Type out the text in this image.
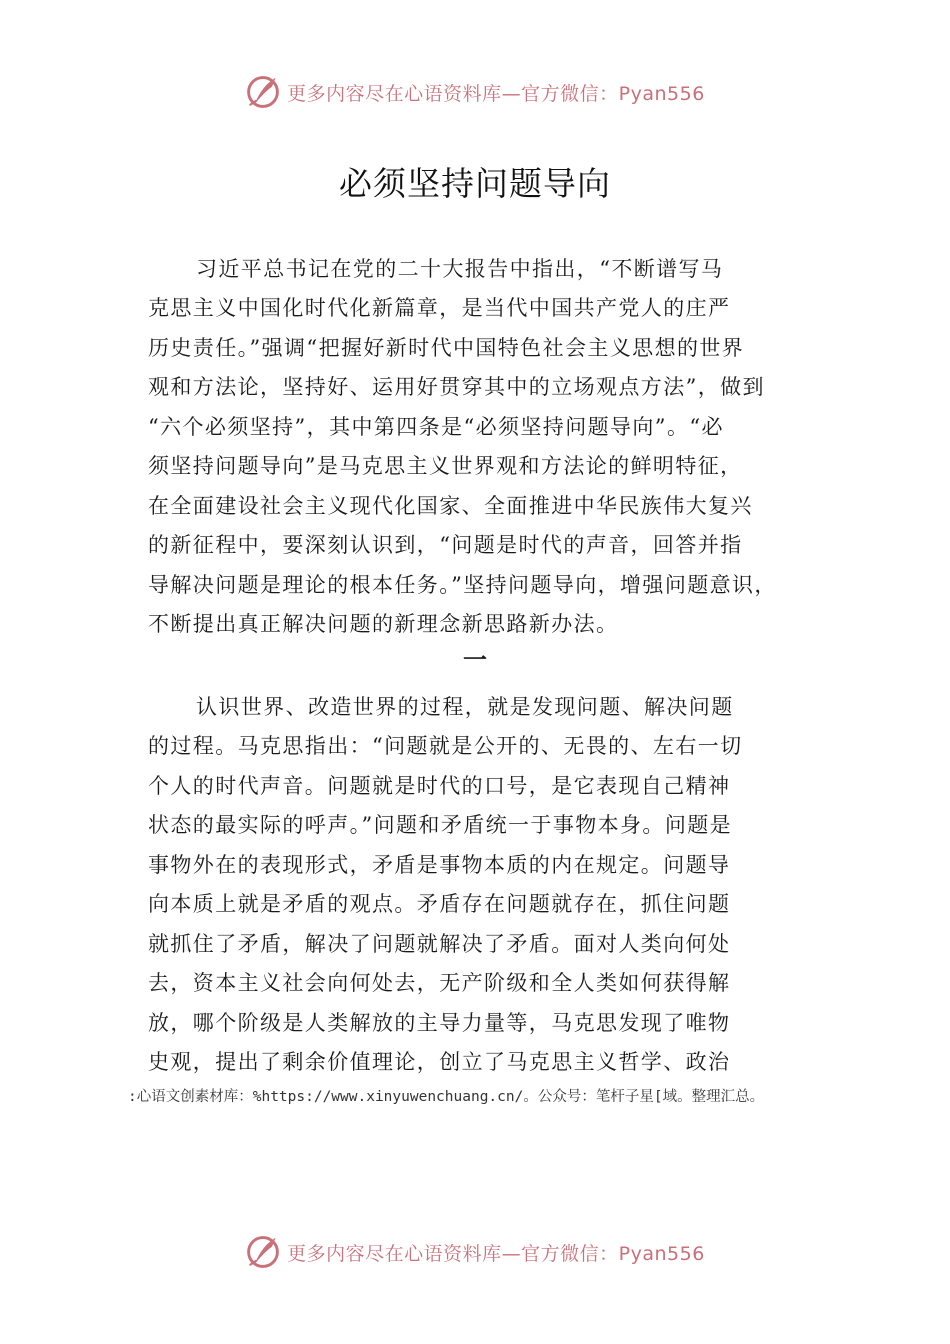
更多内容尽在心语资料库—官方微信：Pyan556
必须坚持问题导向
习近平总书记在党的二十大报告中指出，“不断谱写马
克思主义中国化时代化新篇章，是当代中国共产党人的庄严
历史责任。”强调“把握好新时代中国特色社会主义思想的世界
观和方法论，坚持好、运用好贯穿其中的立场观点方法”，做到
“六个必须坚持”，其中第四条是“必须坚持问题导向”。“必
须坚持问题导向”是马克思主义世界观和方法论的鲜明特征，
在全面建设社会主义现代化国家、全面推进中华民族伟大复兴
的新征程中，要深刻认识到，“问题是时代的声音，回答并指
导解决问题是理论的根本任务。”坚持问题导向，增强问题意识，
不断提出真正解决问题的新理念新思路新办法。
一
认识世界、改造世界的过程，就是发现问题、解决问题
的过程。马克思指出：“问题就是公开的、无畏的、左右一切
个人的时代声音。问题就是时代的口号，是它表现自己精神
状态的最实际的呼声。”问题和矛盾统一于事物本身。问题是
事物外在的表现形式，矛盾是事物本质的内在规定。问题导
向本质上就是矛盾的观点。矛盾存在问题就存在，抓住问题
就抓住了矛盾，解决了问题就解决了矛盾。面对人类向何处
去，资本主义社会向何处去，无产阶级和全人类如何获得解
放，哪个阶级是人类解放的主导力量等，马克思发现了唯物
史观，提出了剩余价值理论，创立了马克思主义哲学、政治
:心语文创素材库：%https://www.xinyuwenchuang.cn/。公众号：笔杆子星[域。整理汇总。
更多内容尽在心语资料库—官方微信：Pyan556
